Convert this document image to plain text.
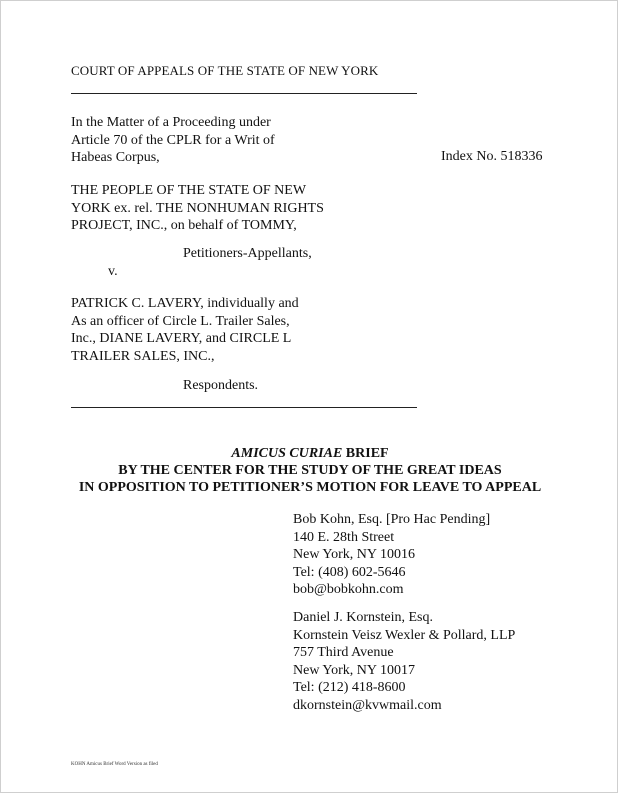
COURT OF APPEALS OF THE STATE OF NEW YORK
In the Matter of a Proceeding under
Article 70 of the CPLR for a Writ of
Habeas Corpus,	Index No. 518336
THE PEOPLE OF THE STATE OF NEW
YORK ex. rel. THE NONHUMAN RIGHTS
PROJECT, INC., on behalf of TOMMY,
Petitioners-Appellants,
v.
PATRICK C. LAVERY, individually and
As an officer of Circle L. Trailer Sales,
Inc., DIANE LAVERY, and CIRCLE L
TRAILER SALES, INC.,
Respondents.
AMICUS CURIAE BRIEF
BY THE CENTER FOR THE STUDY OF THE GREAT IDEAS
IN OPPOSITION TO PETITIONER’S MOTION FOR LEAVE TO APPEAL
Bob Kohn, Esq. [Pro Hac Pending]
140 E. 28th Street
New York, NY 10016
Tel: (408) 602-5646
bob@bobkohn.com
Daniel J. Kornstein, Esq.
Kornstein Veisz Wexler & Pollard, LLP
757 Third Avenue
New York, NY 10017
Tel: (212) 418-8600
dkornstein@kvwmail.com
KOHN Amicus Brief Word Version as filed
